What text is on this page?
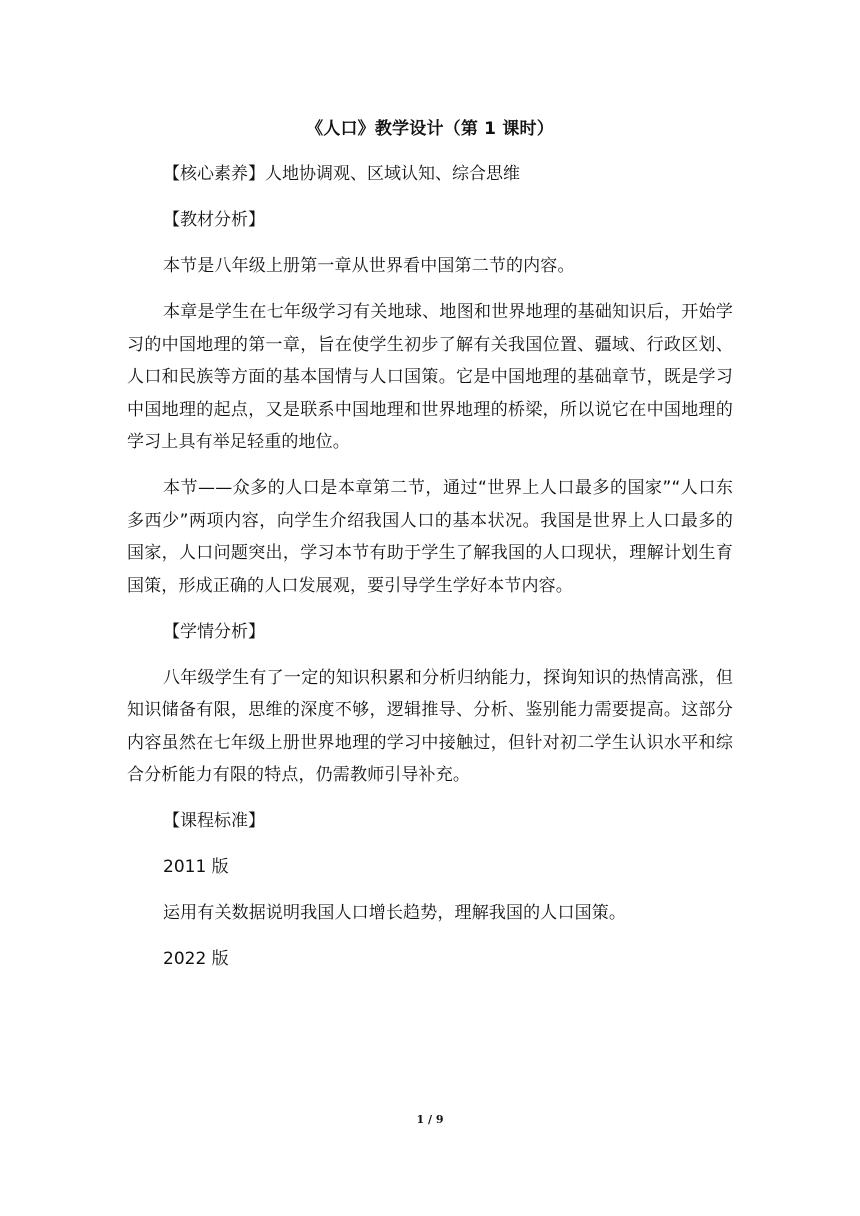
《人口》教学设计（第 1 课时）

【核心素养】人地协调观、区域认知、综合思维

【教材分析】

本节是八年级上册第一章从世界看中国第二节的内容。

本章是学生在七年级学习有关地球、地图和世界地理的基础知识后，开始学习的中国地理的第一章，旨在使学生初步了解有关我国位置、疆域、行政区划、人口和民族等方面的基本国情与人口国策。它是中国地理的基础章节，既是学习中国地理的起点，又是联系中国地理和世界地理的桥梁，所以说它在中国地理的学习上具有举足轻重的地位。

本节——众多的人口是本章第二节，通过“世界上人口最多的国家”“人口东多西少”两项内容，向学生介绍我国人口的基本状况。我国是世界上人口最多的国家，人口问题突出，学习本节有助于学生了解我国的人口现状，理解计划生育国策，形成正确的人口发展观，要引导学生学好本节内容。

【学情分析】

八年级学生有了一定的知识积累和分析归纳能力，探询知识的热情高涨，但知识储备有限，思维的深度不够，逻辑推导、分析、鉴别能力需要提高。这部分内容虽然在七年级上册世界地理的学习中接触过，但针对初二学生认识水平和综合分析能力有限的特点，仍需教师引导补充。

【课程标准】

2011 版

运用有关数据说明我国人口增长趋势，理解我国的人口国策。

2022 版

1 / 9
